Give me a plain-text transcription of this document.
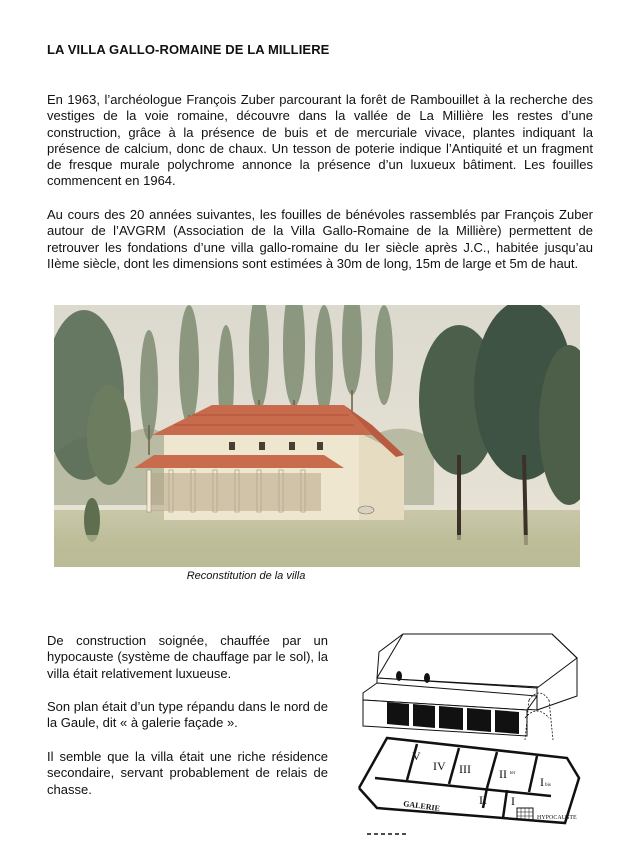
LA VILLA GALLO-ROMAINE DE LA MILLIERE

En 1963, l’archéologue François Zuber parcourant la forêt de Rambouillet à la recherche des vestiges de la voie romaine, découvre dans la vallée de La Millière les restes d’une construction, grâce à la présence de buis et de mercuriale vivace, plantes indiquant la présence de calcium, donc de chaux. Un tesson de poterie indique l’Antiquité et un fragment de fresque murale polychrome annonce la présence d’un luxueux bâtiment. Les fouilles commencent en 1964.

Au cours des 20 années suivantes, les fouilles de bénévoles rassemblés par François Zuber autour de l’AVGRM (Association de la Villa Gallo-Romaine de la Millière) permettent de retrouver les fondations d’une villa gallo-romaine du Ier siècle après J.C., habitée jusqu’au IIème siècle, dont les dimensions sont estimées à 30m de long, 15m de large et 5m de haut.

Reconstitution de la villa

De construction soignée, chauffée par un hypocauste (système de chauffage par le sol), la villa était relativement luxueuse.

Son plan était d’un type répandu dans le nord de la Gaule, dit « à galerie façade ».

Il semble que la villa était une riche résidence secondaire, servant probablement de relais de chasse.

V
IV III II ter
I bis
II I
GALERIE
HYPOCAUSTE
